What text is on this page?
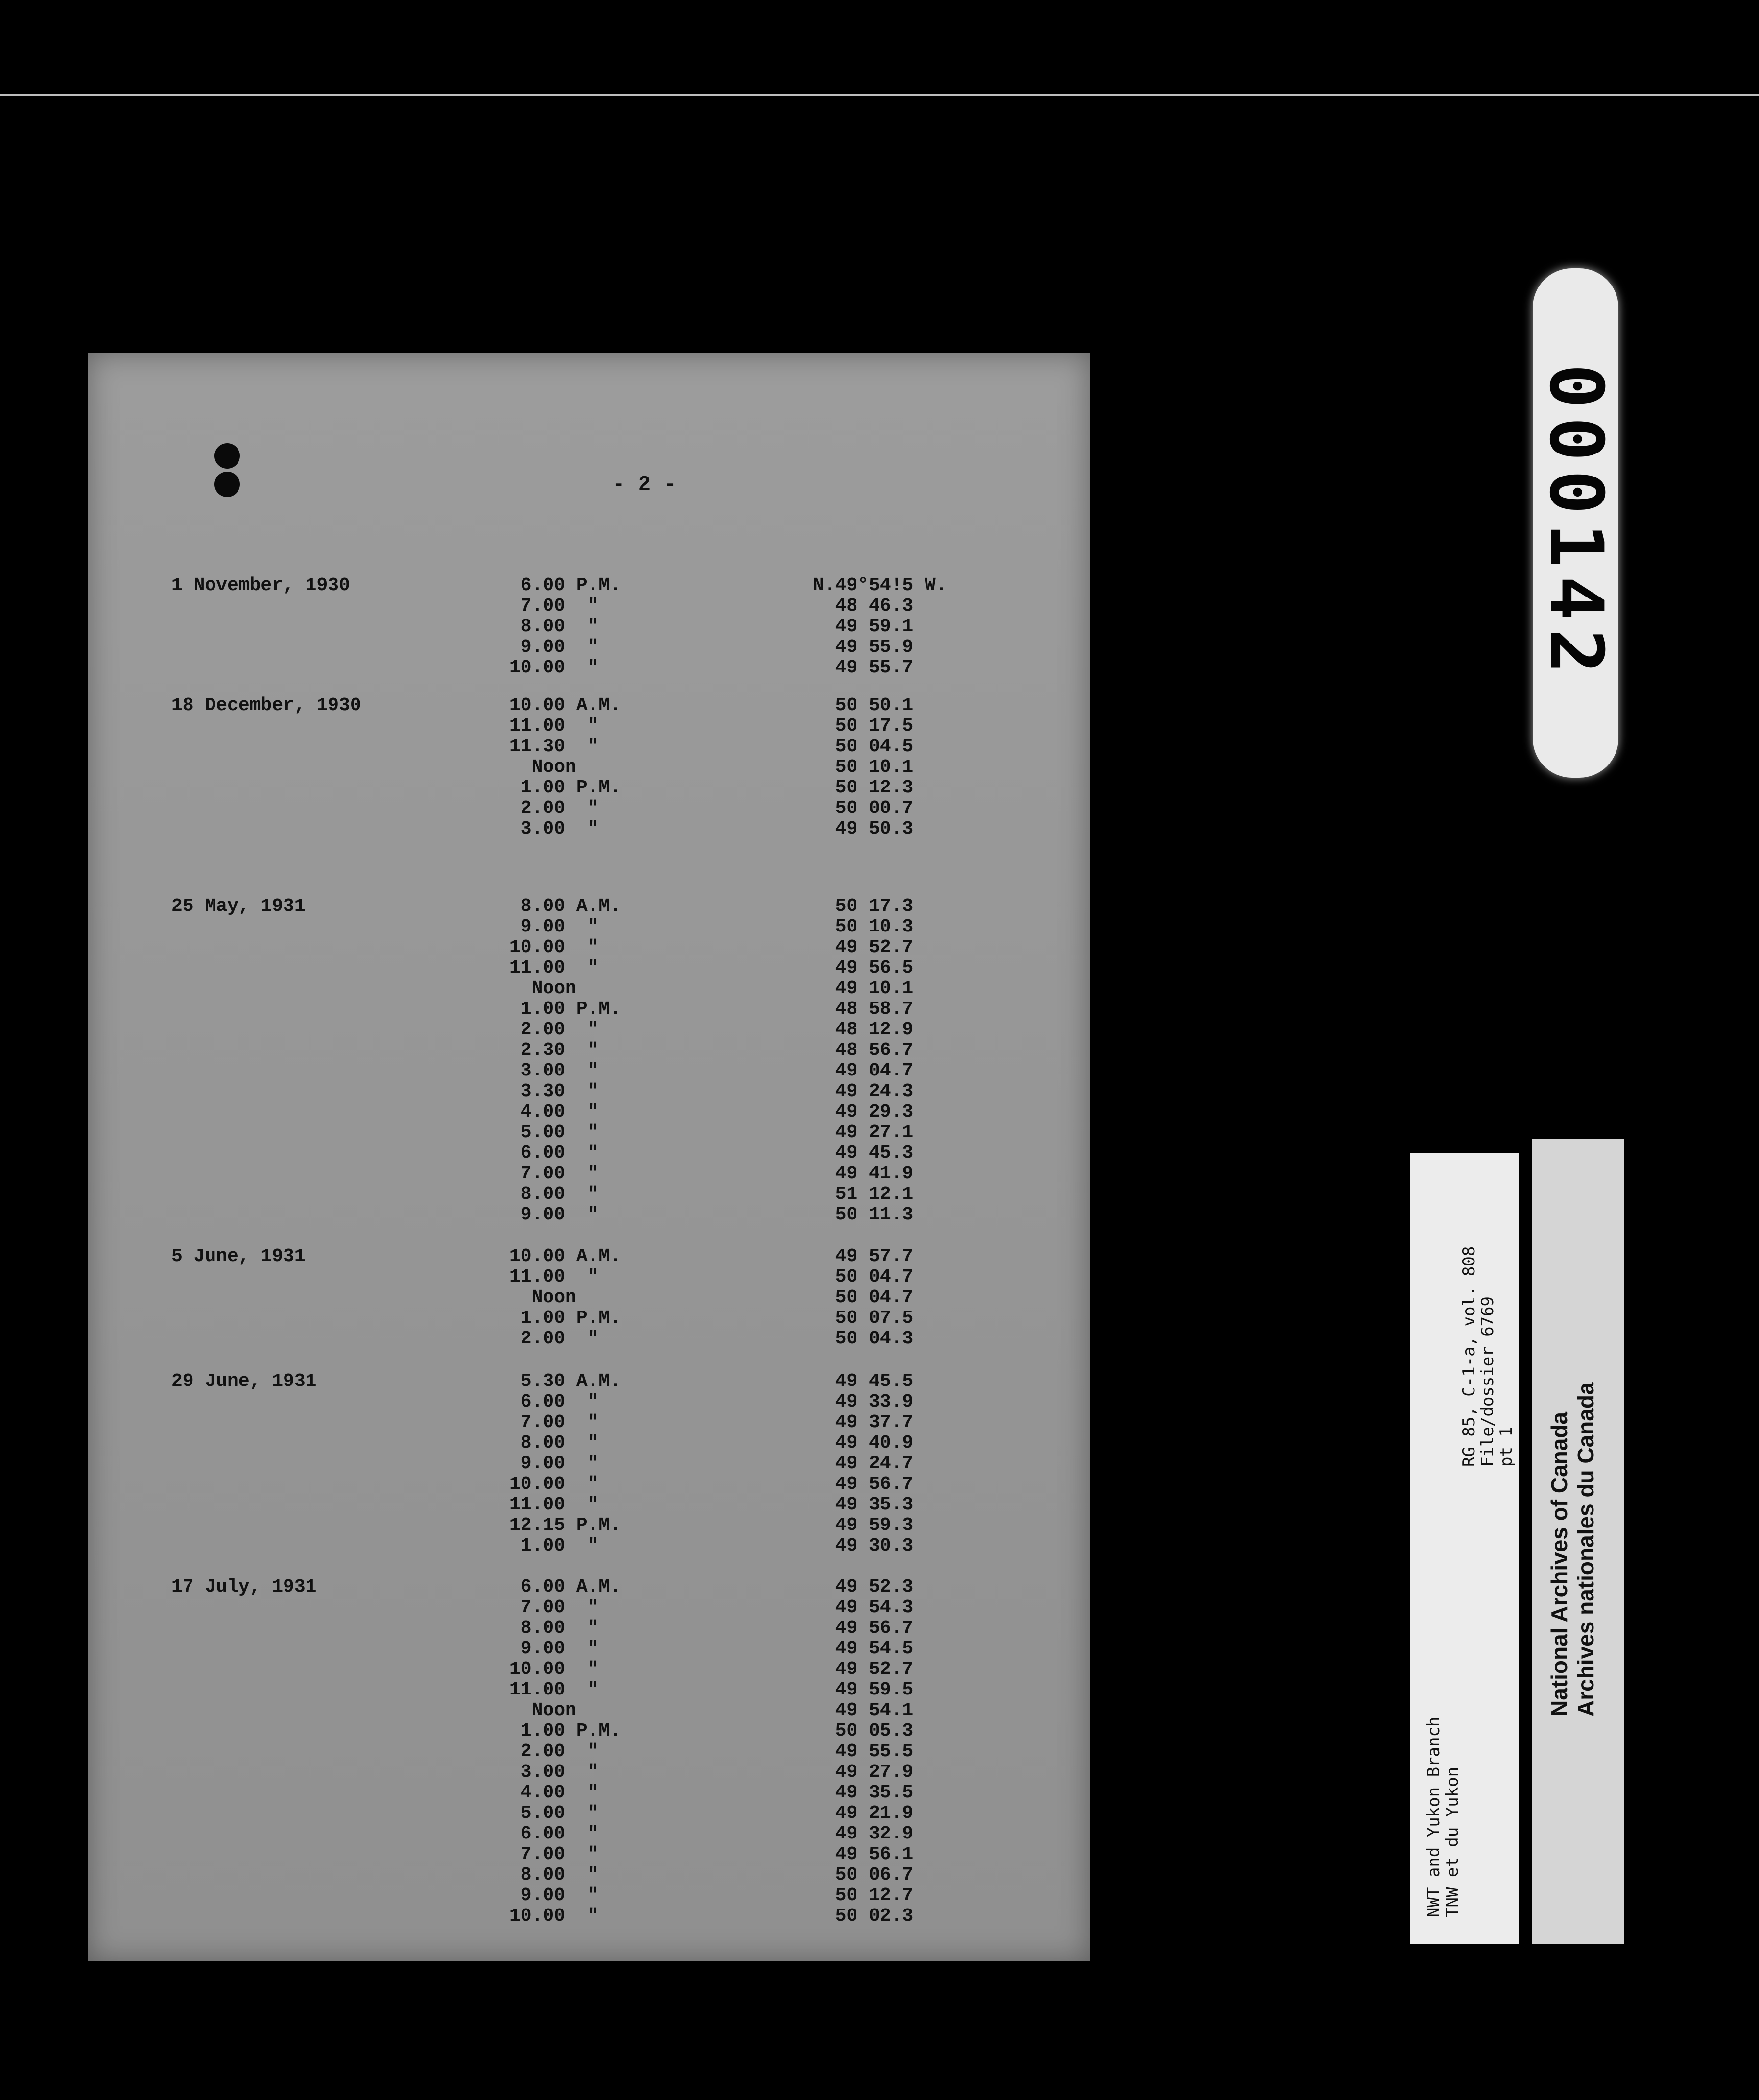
- 2 -
1 November, 1930	6.00 P.M.	N.49°54!5 W.
7.00  "	48 46.3
8.00  "	49 59.1
9.00  "	49 55.9
10.00  "	49 55.7
18 December, 1930	10.00 A.M.	50 50.1
11.00  "	50 17.5
11.30  "	50 04.5
Noon	50 10.1
1.00 P.M.	50 12.3
2.00  "	50 00.7
3.00  "	49 50.3
25 May, 1931	8.00 A.M.	50 17.3
9.00  "	50 10.3
10.00  "	49 52.7
11.00  "	49 56.5
Noon	49 10.1
1.00 P.M.	48 58.7
2.00  "	48 12.9
2.30  "	48 56.7
3.00  "	49 04.7
3.30  "	49 24.3
4.00  "	49 29.3
5.00  "	49 27.1
6.00  "	49 45.3
7.00  "	49 41.9
8.00  "	51 12.1
9.00  "	50 11.3
5 June, 1931	10.00 A.M.	49 57.7
11.00  "	50 04.7
Noon	50 04.7
1.00 P.M.	50 07.5
2.00  "	50 04.3
29 June, 1931	5.30 A.M.	49 45.5
6.00  "	49 33.9
7.00  "	49 37.7
8.00  "	49 40.9
9.00  "	49 24.7
10.00  "	49 56.7
11.00  "	49 35.3
12.15 P.M.	49 59.3
1.00  "	49 30.3
17 July, 1931	6.00 A.M.	49 52.3
7.00  "	49 54.3
8.00  "	49 56.7
9.00  "	49 54.5
10.00  "	49 52.7
11.00  "	49 59.5
Noon	49 54.1
1.00 P.M.	50 05.3
2.00  "	49 55.5
3.00  "	49 27.9
4.00  "	49 35.5
5.00  "	49 21.9
6.00  "	49 32.9
7.00  "	49 56.1
8.00  "	50 06.7
9.00  "	50 12.7
10.00  "	50 02.3
000142
NWT and Yukon Branch
TNW et du Yukon
RG 85, C-1-a, vol. 808
File/dossier 6769
pt 1 National Archives of Canada Archives nationales du Canada
